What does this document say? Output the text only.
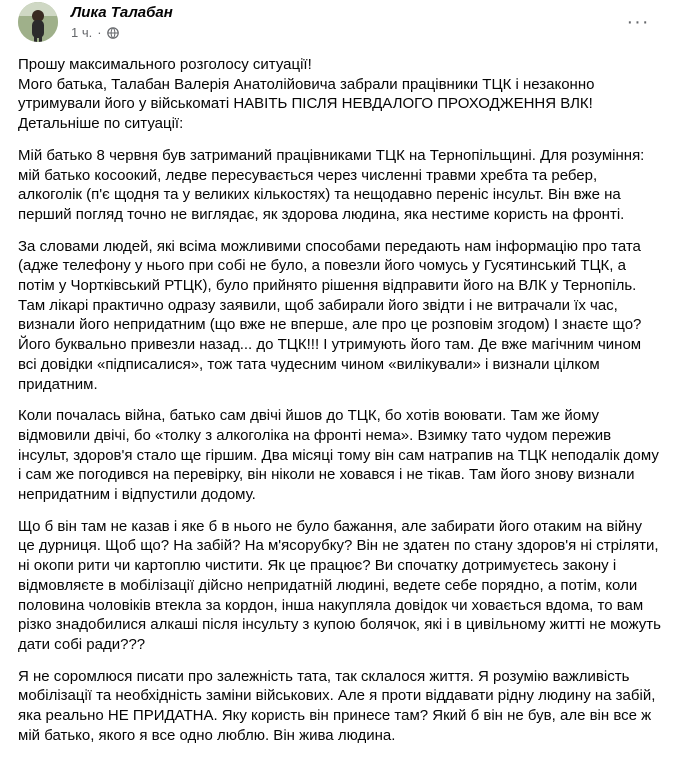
Лика Талабан
1 ч. ·	···

Прошу максимального розголосу ситуації!
Мого батька, Талабан Валерія Анатолійовича забрали працівники ТЦК і незаконно утримували його у військоматі НАВІТЬ ПІСЛЯ НЕВДАЛОГО ПРОХОДЖЕННЯ ВЛК! Детальніше по ситуації:

Мій батько 8 червня був затриманий працівниками ТЦК на Тернопільщині. Для розуміння: мій батько косоокий, ледве пересувається через численні травми хребта та ребер, алкоголік (п'є щодня та у великих кількостях) та нещодавно переніс інсульт. Він вже на перший погляд точно не виглядає, як здорова людина, яка нестиме користь на фронті.

За словами людей, які всіма можливими способами передають нам інформацію про тата (адже телефону у нього при собі не було, а повезли його чомусь у Гусятинський ТЦК, а потім у Чортківський РТЦК), було прийнято рішення відправити його на ВЛК у Тернопіль. Там лікарі практично одразу заявили, щоб забирали його звідти і не витрачали їх час, визнали його непридатним (що вже не вперше, але про це розповім згодом) І знаєте що? Його буквально привезли назад... до ТЦК!!! І утримують його там. Де вже магічним чином всі довідки «підписалися», тож тата чудесним чином «вилікували» і визнали цілком придатним.

Коли почалась війна, батько сам двічі йшов до ТЦК, бо хотів воювати. Там же йому відмовили двічі, бо «толку з алкоголіка на фронті нема». Взимку тато чудом пережив інсульт, здоров'я стало ще гіршим. Два місяці тому він сам натрапив на ТЦК неподалік дому і сам же погодився на перевірку, він ніколи не ховався і не тікав. Там його знову визнали непридатним і відпустили додому.

Що б він там не казав і яке б в нього не було бажання, але забирати його отаким на війну це дурниця. Щоб що? На забій? На м'ясорубку? Він не здатен по стану здоров'я ні стріляти, ні окопи рити чи картоплю чистити. Як це працює? Ви спочатку дотримуєтесь закону і відмовляєте в мобілізації дійсно непридатній людині, ведете себе порядно, а потім, коли половина чоловіків втекла за кордон, інша накупляла довідок чи ховається вдома, то вам різко знадобилися алкаші після інсульту з купою болячок, які і в цивільному житті не можуть дати собі ради???

Я не соромлюся писати про залежність тата, так склалося життя. Я розумію важливість мобілізації та необхідність заміни військових. Але я проти віддавати рідну людину на забій, яка реально НЕ ПРИДАТНА. Яку користь він принесе там? Який б він не був, але він все ж мій батько, якого я все одно люблю. Він жива людина.
